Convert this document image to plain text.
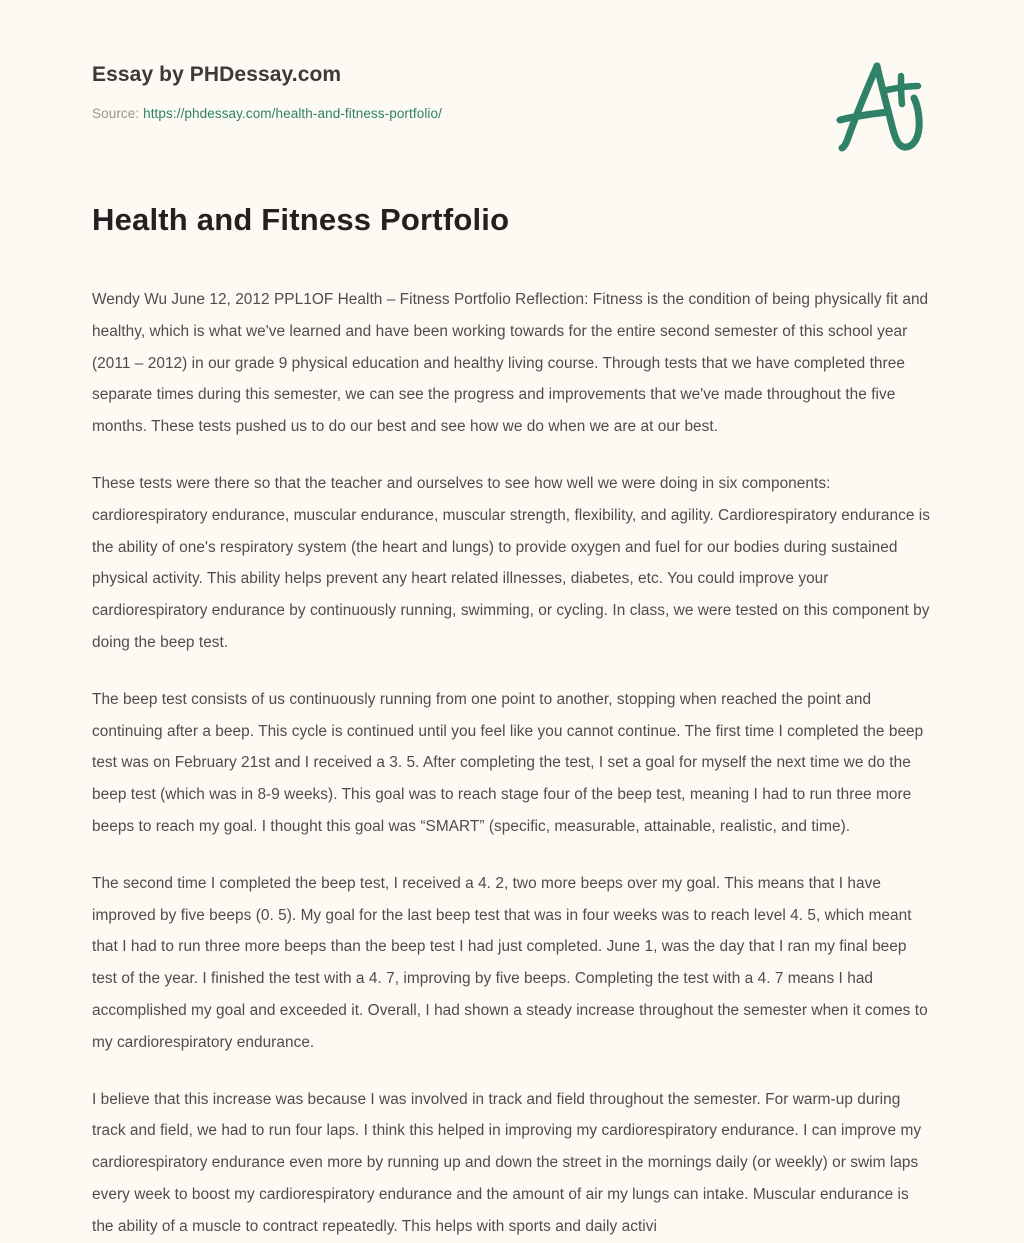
Essay by PHDessay.com
Source: https://phdessay.com/health-and-fitness-portfolio/
Health and Fitness Portfolio

Wendy Wu June 12, 2012 PPL1OF Health – Fitness Portfolio Reflection: Fitness is the condition of being physically fit and healthy, which is what we've learned and have been working towards for the entire second semester of this school year (2011 – 2012) in our grade 9 physical education and healthy living course. Through tests that we have completed three separate times during this semester, we can see the progress and improvements that we've made throughout the five months. These tests pushed us to do our best and see how we do when we are at our best.

These tests were there so that the teacher and ourselves to see how well we were doing in six components: cardiorespiratory endurance, muscular endurance, muscular strength, flexibility, and agility. Cardiorespiratory endurance is the ability of one's respiratory system (the heart and lungs) to provide oxygen and fuel for our bodies during sustained physical activity. This ability helps prevent any heart related illnesses, diabetes, etc. You could improve your cardiorespiratory endurance by continuously running, swimming, or cycling. In class, we were tested on this component by doing the beep test.

The beep test consists of us continuously running from one point to another, stopping when reached the point and continuing after a beep. This cycle is continued until you feel like you cannot continue. The first time I completed the beep test was on February 21st and I received a 3. 5. After completing the test, I set a goal for myself the next time we do the beep test (which was in 8-9 weeks). This goal was to reach stage four of the beep test, meaning I had to run three more beeps to reach my goal. I thought this goal was “SMART” (specific, measurable, attainable, realistic, and time).

The second time I completed the beep test, I received a 4. 2, two more beeps over my goal. This means that I have improved by five beeps (0. 5). My goal for the last beep test that was in four weeks was to reach level 4. 5, which meant that I had to run three more beeps than the beep test I had just completed. June 1, was the day that I ran my final beep test of the year. I finished the test with a 4. 7, improving by five beeps. Completing the test with a 4. 7 means I had accomplished my goal and exceeded it. Overall, I had shown a steady increase throughout the semester when it comes to my cardiorespiratory endurance.

I believe that this increase was because I was involved in track and field throughout the semester. For warm-up during track and field, we had to run four laps. I think this helped in improving my cardiorespiratory endurance. I can improve my cardiorespiratory endurance even more by running up and down the street in the mornings daily (or weekly) or swim laps every week to boost my cardiorespiratory endurance and the amount of air my lungs can intake. Muscular endurance is the ability of a muscle to contract repeatedly. This helps with sports and daily activi
